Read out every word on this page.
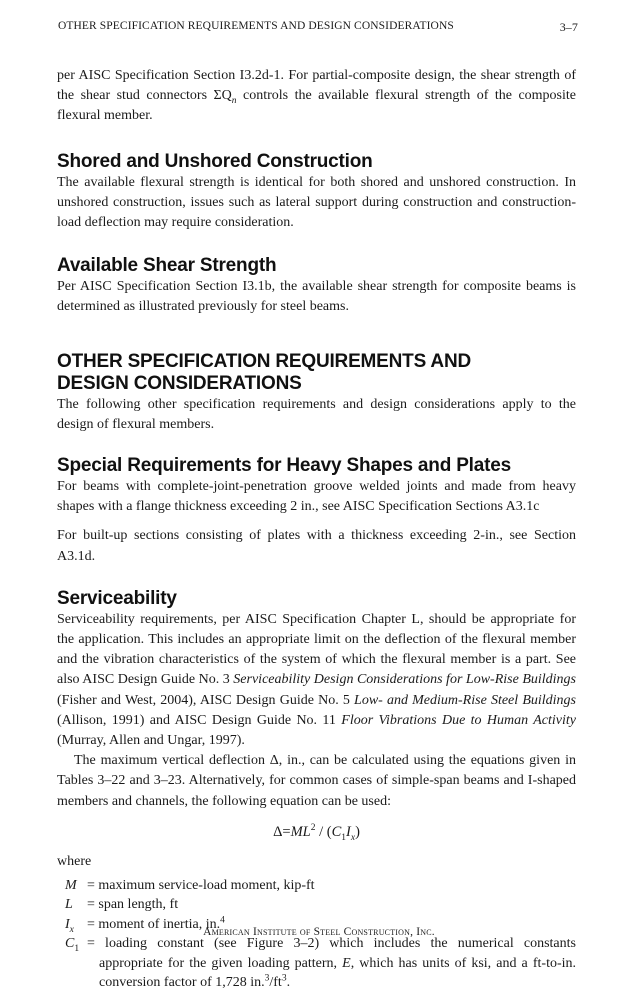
OTHER SPECIFICATION REQUIREMENTS AND DESIGN CONSIDERATIONS	3–7

per AISC Specification Section I3.2d-1. For partial-composite design, the shear strength of the shear stud connectors $\Sigma Q_n$ controls the available flexural strength of the composite flexural member.

Shored and Unshored Construction

The available flexural strength is identical for both shored and unshored construction. In unshored construction, issues such as lateral support during construction and construction-load deflection may require consideration.

Available Shear Strength

Per AISC Specification Section I3.1b, the available shear strength for composite beams is determined as illustrated previously for steel beams.

OTHER SPECIFICATION REQUIREMENTS AND
DESIGN CONSIDERATIONS

The following other specification requirements and design considerations apply to the design of flexural members.

Special Requirements for Heavy Shapes and Plates

For beams with complete-joint-penetration groove welded joints and made from heavy shapes with a flange thickness exceeding 2 in., see AISC Specification Sections A3.1c

For built-up sections consisting of plates with a thickness exceeding 2-in., see Section A3.1d.

Serviceability

Serviceability requirements, per AISC Specification Chapter L, should be appropriate for the application. This includes an appropriate limit on the deflection of the flexural member and the vibration characteristics of the system of which the flexural member is a part. See also AISC Design Guide No. 3 Serviceability Design Considerations for Low-Rise Buildings (Fisher and West, 2004), AISC Design Guide No. 5 Low- and Medium-Rise Steel Buildings (Allison, 1991) and AISC Design Guide No. 11 Floor Vibrations Due to Human Activity (Murray, Allen and Ungar, 1997).

The maximum vertical deflection Δ, in., can be calculated using the equations given in Tables 3–22 and 3–23. Alternatively, for common cases of simple-span beams and I-shaped members and channels, the following equation can be used:

$\Delta=ML^2 / (C_1I_x)$

where

M = maximum service-load moment, kip-ft
L	= span length, ft
$I_x$ = moment of inertia, in.$^4$
$C_1$ = loading constant (see Figure 3–2) which includes the numerical constants appropriate for the given loading pattern, E, which has units of ksi, and a ft-to-in. conversion factor of 1,728 $in.^3/ft^3$.
American Institute of Steel Construction, Inc.
